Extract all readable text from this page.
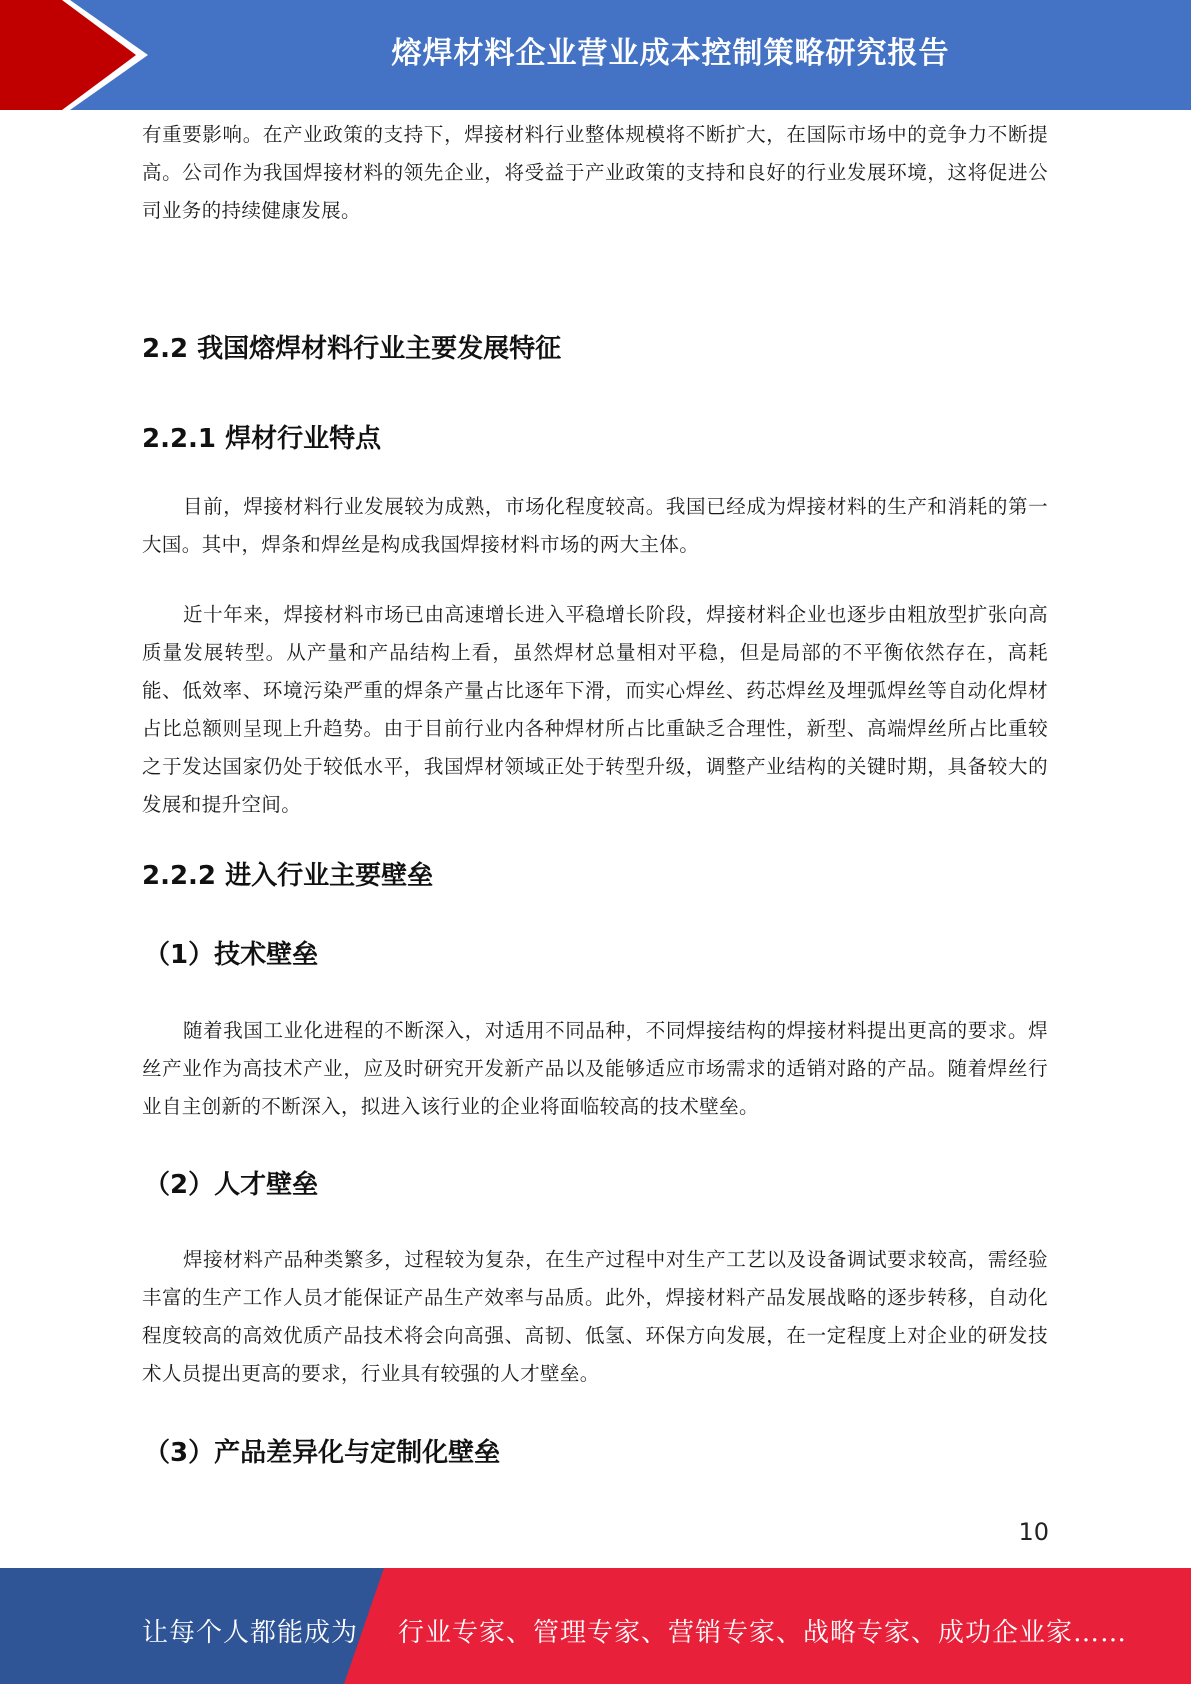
熔焊材料企业营业成本控制策略研究报告

有重要影响。在产业政策的支持下，焊接材料行业整体规模将不断扩大，在国际市场中的竞争力不断提高。公司作为我国焊接材料的领先企业，将受益于产业政策的支持和良好的行业发展环境，这将促进公司业务的持续健康发展。

2.2 我国熔焊材料行业主要发展特征
2.2.1 焊材行业特点

目前，焊接材料行业发展较为成熟，市场化程度较高。我国已经成为焊接材料的生产和消耗的第一大国。其中，焊条和焊丝是构成我国焊接材料市场的两大主体。

近十年来，焊接材料市场已由高速增长进入平稳增长阶段，焊接材料企业也逐步由粗放型扩张向高质量发展转型。从产量和产品结构上看，虽然焊材总量相对平稳，但是局部的不平衡依然存在，高耗能、低效率、环境污染严重的焊条产量占比逐年下滑，而实心焊丝、药芯焊丝及埋弧焊丝等自动化焊材占比总额则呈现上升趋势。由于目前行业内各种焊材所占比重缺乏合理性，新型、高端焊丝所占比重较之于发达国家仍处于较低水平，我国焊材领域正处于转型升级，调整产业结构的关键时期，具备较大的发展和提升空间。

2.2.2 进入行业主要壁垒
（1）技术壁垒

随着我国工业化进程的不断深入，对适用不同品种，不同焊接结构的焊接材料提出更高的要求。焊丝产业作为高技术产业，应及时研究开发新产品以及能够适应市场需求的适销对路的产品。随着焊丝行业自主创新的不断深入，拟进入该行业的企业将面临较高的技术壁垒。

（2）人才壁垒

焊接材料产品种类繁多，过程较为复杂，在生产过程中对生产工艺以及设备调试要求较高，需经验丰富的生产工作人员才能保证产品生产效率与品质。此外，焊接材料产品发展战略的逐步转移，自动化程度较高的高效优质产品技术将会向高强、高韧、低氢、环保方向发展，在一定程度上对企业的研发技术人员提出更高的要求，行业具有较强的人才壁垒。

（3）产品差异化与定制化壁垒
10
让每个人都能成为 行业专家、管理专家、营销专家、战略专家、成功企业家……
